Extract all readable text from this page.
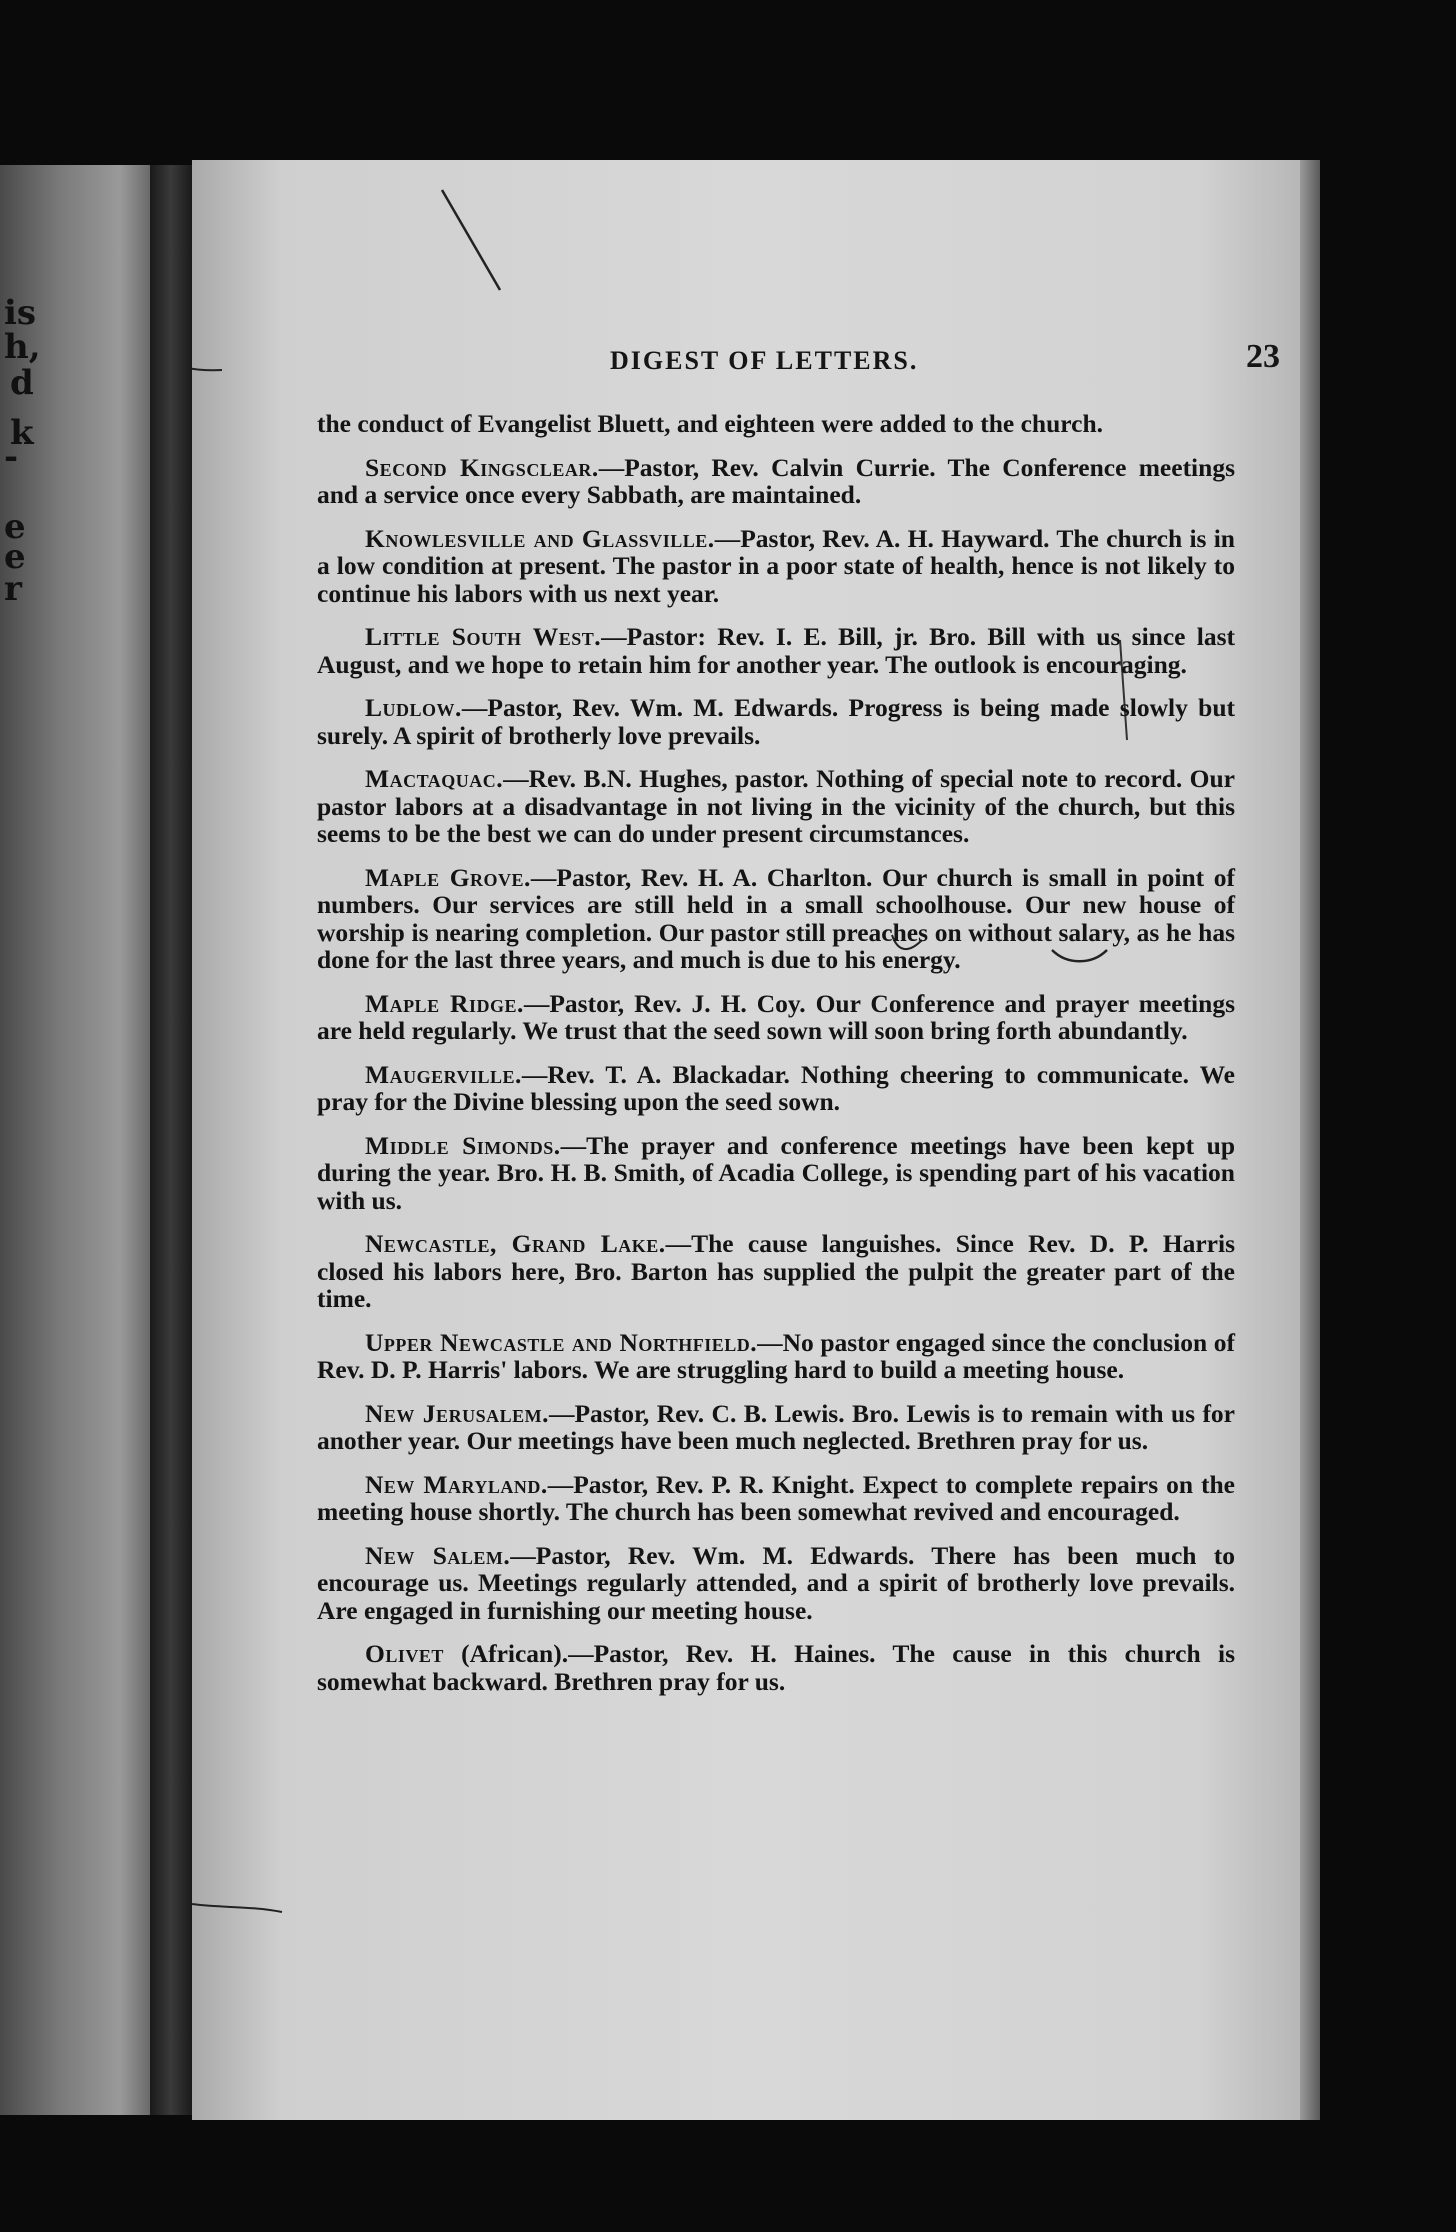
is
h,
d
k
-
e
e
r
DIGEST OF LETTERS.	23

the conduct of Evangelist Bluett, and eighteen were added to the church.

Second Kingsclear.—Pastor, Rev. Calvin Currie. The Conference meetings and a service once every Sabbath, are maintained.

Knowlesville and Glassville.—Pastor, Rev. A. H. Hayward. The church is in a low condition at present. The pastor in a poor state of health, hence is not likely to continue his labors with us next year.

Little South West.—Pastor: Rev. I. E. Bill, jr. Bro. Bill with us since last August, and we hope to retain him for another year. The outlook is encouraging.

Ludlow.—Pastor, Rev. Wm. M. Edwards. Progress is being made slowly but surely. A spirit of brotherly love prevails.

Mactaquac.—Rev. B.N. Hughes, pastor. Nothing of special note to record. Our pastor labors at a disadvantage in not living in the vicinity of the church, but this seems to be the best we can do under present circumstances.

Maple Grove.—Pastor, Rev. H. A. Charlton. Our church is small in point of numbers. Our services are still held in a small schoolhouse. Our new house of worship is nearing completion. Our pastor still preaches on without salary, as he has done for the last three years, and much is due to his energy.

Maple Ridge.—Pastor, Rev. J. H. Coy. Our Conference and prayer meetings are held regularly. We trust that the seed sown will soon bring forth abundantly.

Maugerville.—Rev. T. A. Blackadar. Nothing cheering to communicate. We pray for the Divine blessing upon the seed sown.

Middle Simonds.—The prayer and conference meetings have been kept up during the year. Bro. H. B. Smith, of Acadia College, is spending part of his vacation with us.

Newcastle, Grand Lake.—The cause languishes. Since Rev. D. P. Harris closed his labors here, Bro. Barton has supplied the pulpit the greater part of the time.

Upper Newcastle and Northfield.—No pastor engaged since the conclusion of Rev. D. P. Harris' labors. We are struggling hard to build a meeting house.

New Jerusalem.—Pastor, Rev. C. B. Lewis. Bro. Lewis is to remain with us for another year. Our meetings have been much neglected. Brethren pray for us.

New Maryland.—Pastor, Rev. P. R. Knight. Expect to complete repairs on the meeting house shortly. The church has been somewhat revived and encouraged.

New Salem.—Pastor, Rev. Wm. M. Edwards. There has been much to encourage us. Meetings regularly attended, and a spirit of brotherly love prevails. Are engaged in furnishing our meeting house.

Olivet (African).—Pastor, Rev. H. Haines. The cause in this church is somewhat backward. Brethren pray for us.
